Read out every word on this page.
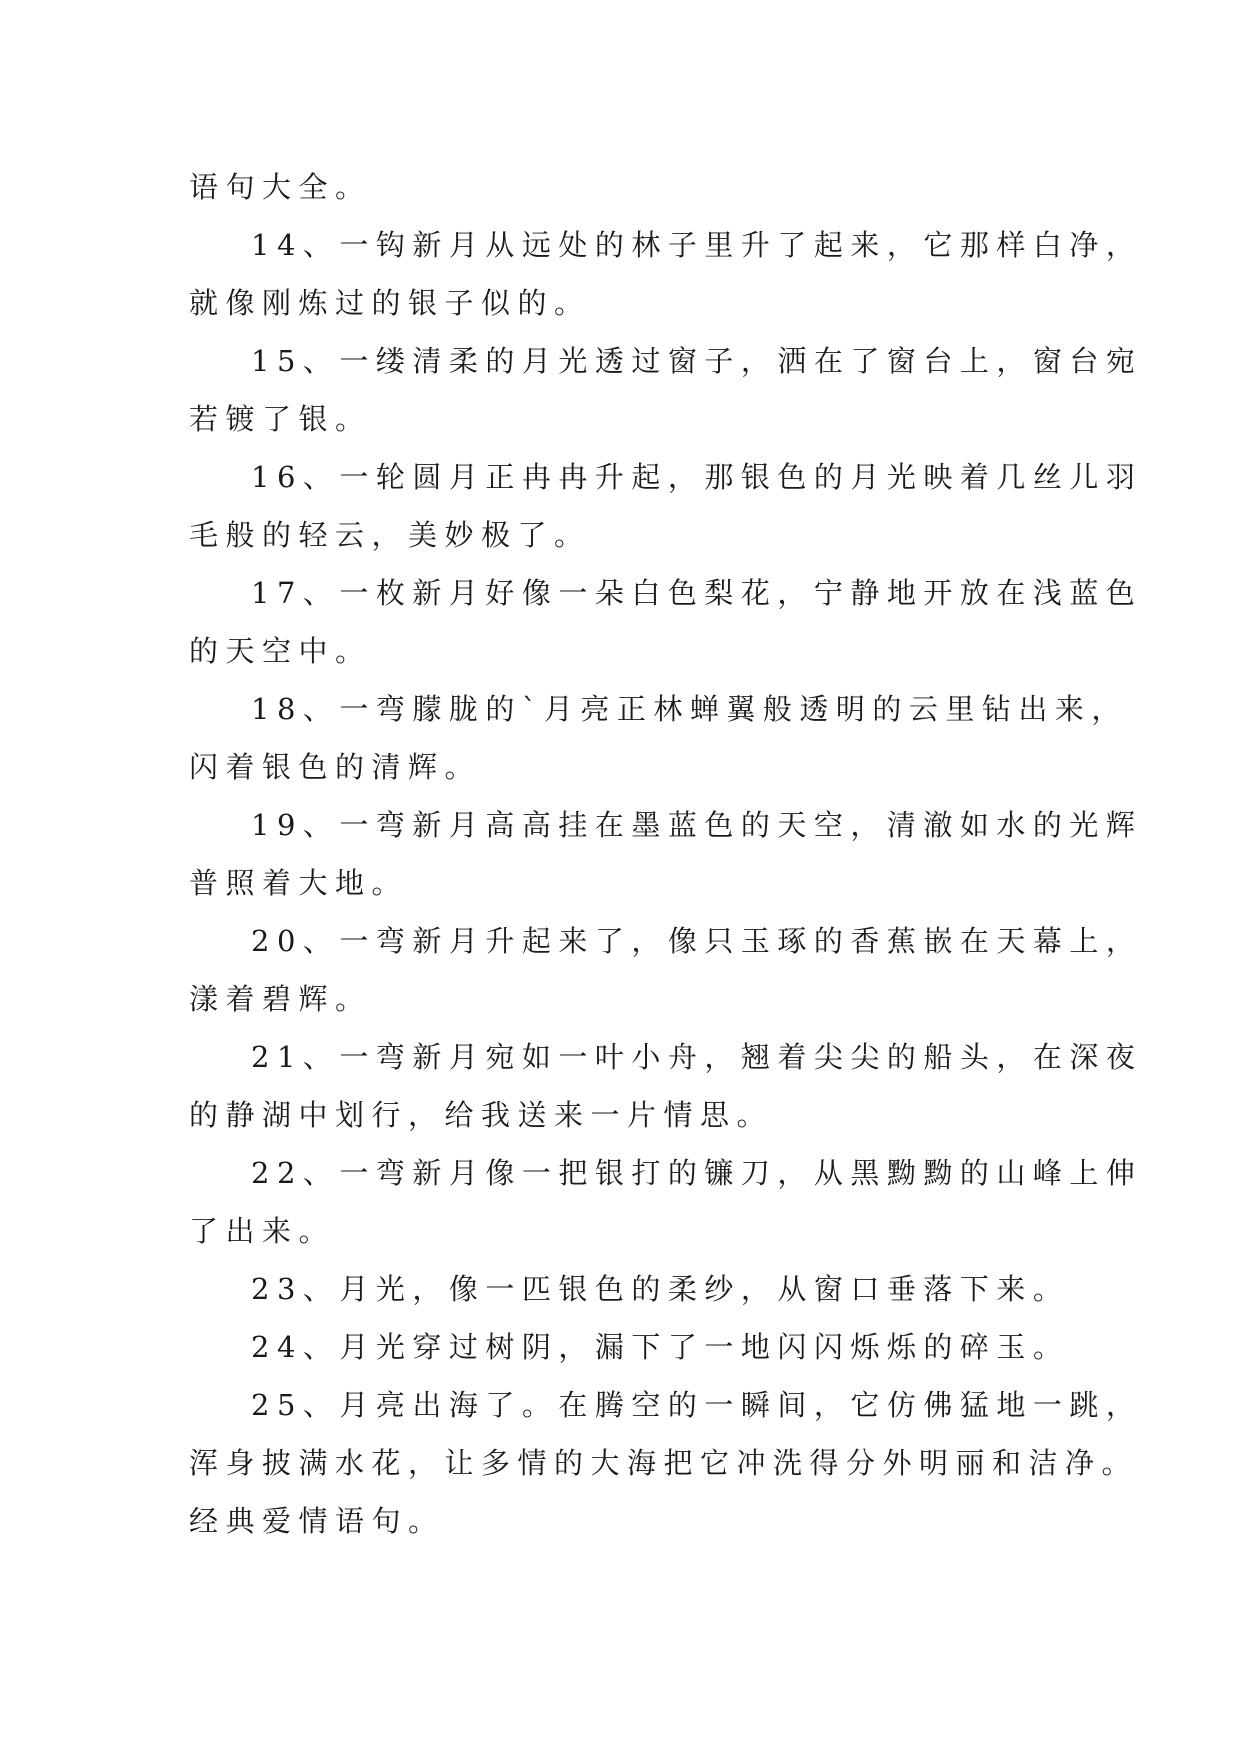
语句大全。

14、一钩新月从远处的林子里升了起来，它那样白净，

就像刚炼过的银子似的。

15、一缕清柔的月光透过窗子，洒在了窗台上，窗台宛

若镀了银。

16、一轮圆月正冉冉升起，那银色的月光映着几丝儿羽

毛般的轻云，美妙极了。

17、一枚新月好像一朵白色梨花，宁静地开放在浅蓝色

的天空中。

18、一弯朦胧的`月亮正林蝉翼般透明的云里钻出来，

闪着银色的清辉。

19、一弯新月高高挂在墨蓝色的天空，清澈如水的光辉

普照着大地。

20、一弯新月升起来了，像只玉琢的香蕉嵌在天幕上，

漾着碧辉。

21、一弯新月宛如一叶小舟，翘着尖尖的船头，在深夜

的静湖中划行，给我送来一片情思。

22、一弯新月像一把银打的镰刀，从黑黝黝的山峰上伸

了出来。

23、月光，像一匹银色的柔纱，从窗口垂落下来。

24、月光穿过树阴，漏下了一地闪闪烁烁的碎玉。

25、月亮出海了。在腾空的一瞬间，它仿佛猛地一跳，

浑身披满水花，让多情的大海把它冲洗得分外明丽和洁净。

经典爱情语句。
